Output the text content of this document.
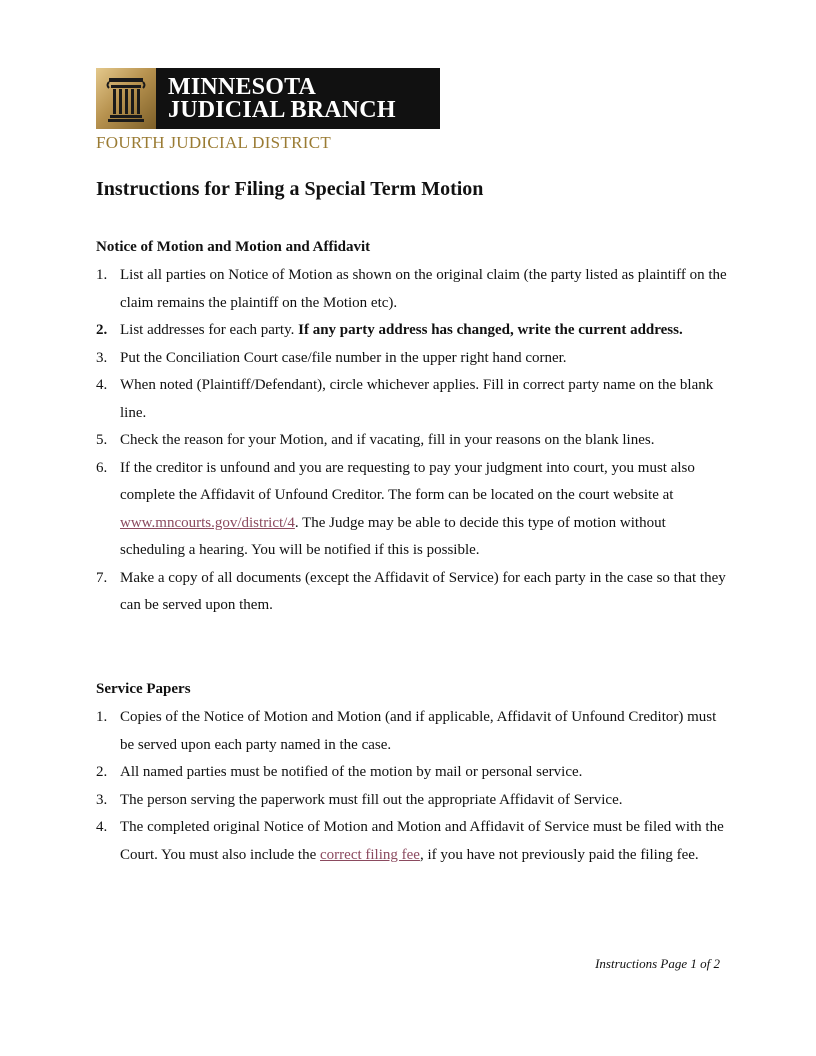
MINNESOTA
JUDICIAL BRANCH
FOURTH JUDICIAL DISTRICT
Instructions for Filing a Special Term Motion
Notice of Motion and Motion and Affidavit
1. List all parties on Notice of Motion as shown on the original claim (the party listed as plaintiff on the claim remains the plaintiff on the Motion etc).
2. List addresses for each party. If any party address has changed, write the current address.
3. Put the Conciliation Court case/file number in the upper right hand corner.
4. When noted (Plaintiff/Defendant), circle whichever applies. Fill in correct party name on the blank line.
5. Check the reason for your Motion, and if vacating, fill in your reasons on the blank lines.
6. If the creditor is unfound and you are requesting to pay your judgment into court, you must also complete the Affidavit of Unfound Creditor. The form can be located on the court website at www.mncourts.gov/district/4. The Judge may be able to decide this type of motion without scheduling a hearing. You will be notified if this is possible.
7. Make a copy of all documents (except the Affidavit of Service) for each party in the case so that they can be served upon them.
Service Papers
1. Copies of the Notice of Motion and Motion (and if applicable, Affidavit of Unfound Creditor) must be served upon each party named in the case.
2. All named parties must be notified of the motion by mail or personal service.
3. The person serving the paperwork must fill out the appropriate Affidavit of Service.
4. The completed original Notice of Motion and Motion and Affidavit of Service must be filed with the Court. You must also include the correct filing fee, if you have not previously paid the filing fee.
Instructions Page 1 of 2
